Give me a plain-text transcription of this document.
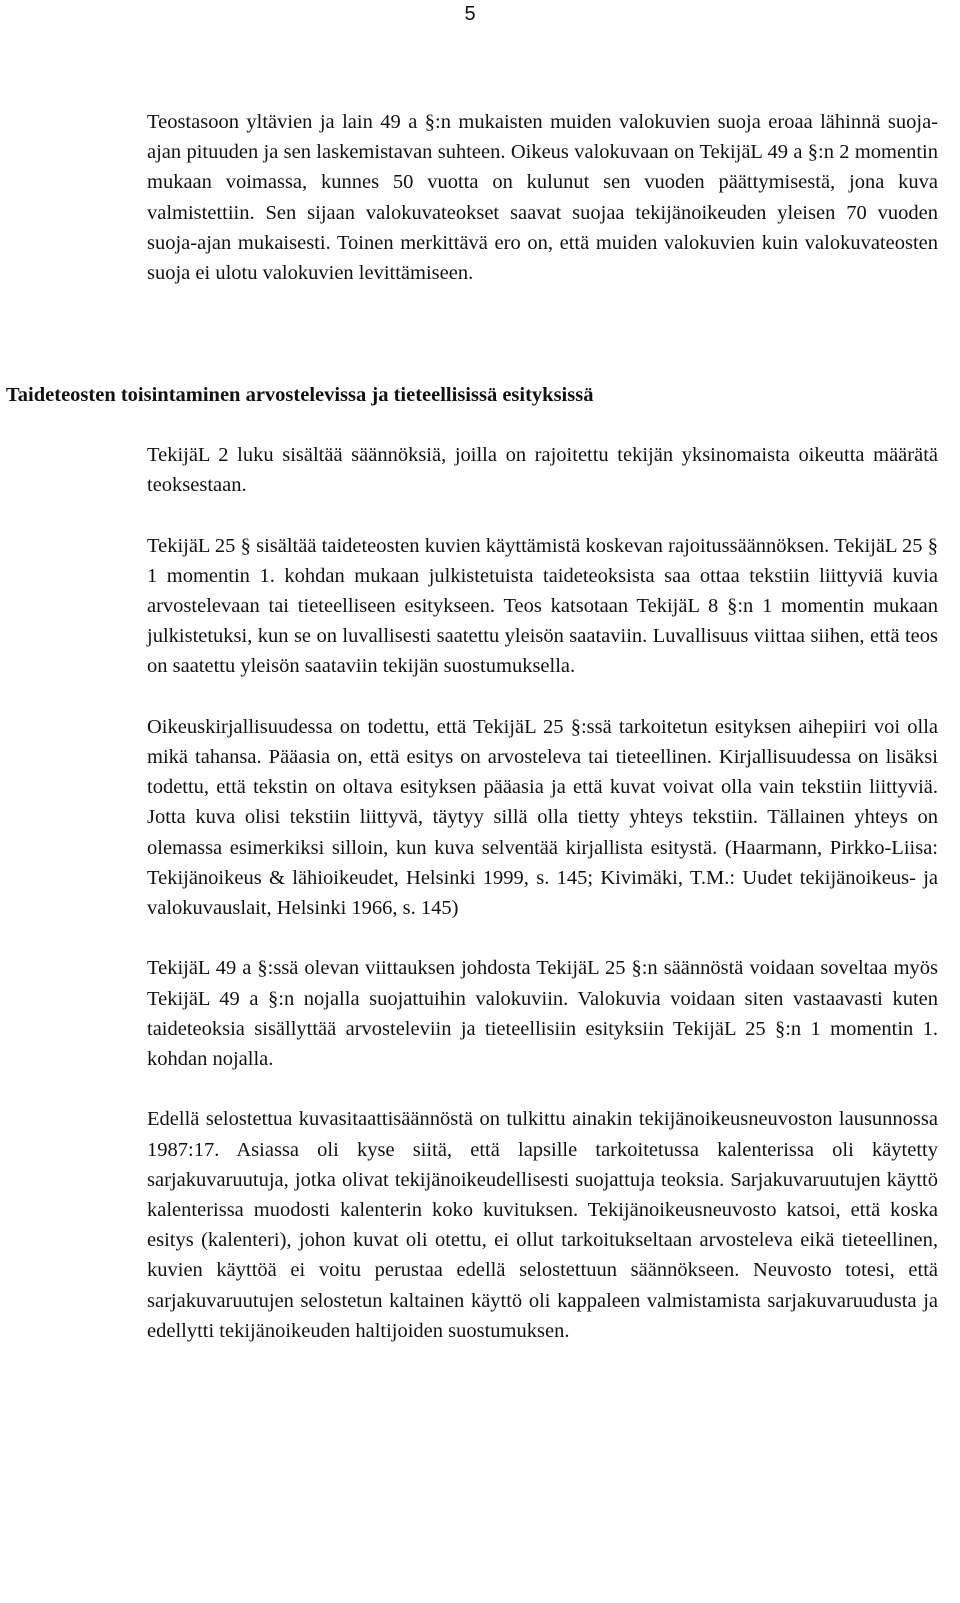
5

Teostasoon yltävien ja lain 49 a §:n mukaisten muiden valokuvien suoja eroaa lähinnä suoja-ajan pituuden ja sen laskemistavan suhteen. Oikeus valokuvaan on TekijäL 49 a §:n 2 momentin mukaan voimassa, kunnes 50 vuotta on kulunut sen vuoden päättymisestä, jona kuva valmistettiin. Sen sijaan valokuvateokset saavat suojaa tekijänoikeuden yleisen 70 vuoden suoja-ajan mukaisesti. Toinen merkittävä ero on, että muiden valokuvien kuin valokuvateosten suoja ei ulotu valokuvien levittämiseen.

Taideteosten toisintaminen arvostelevissa ja tieteellisissä esityksissä

TekijäL 2 luku sisältää säännöksiä, joilla on rajoitettu tekijän yksinomaista oikeutta määrätä teoksestaan.

TekijäL 25 § sisältää taideteosten kuvien käyttämistä koskevan rajoitussäännöksen. TekijäL 25 § 1 momentin 1. kohdan mukaan julkistetuista taideteoksista saa ottaa tekstiin liittyviä kuvia arvostelevaan tai tieteelliseen esitykseen. Teos katsotaan TekijäL 8 §:n 1 momentin mukaan julkistetuksi, kun se on luvallisesti saatettu yleisön saataviin. Luvallisuus viittaa siihen, että teos on saatettu yleisön saataviin tekijän suostumuksella.

Oikeuskirjallisuudessa on todettu, että TekijäL 25 §:ssä tarkoitetun esityksen aihepiiri voi olla mikä tahansa. Pääasia on, että esitys on arvosteleva tai tieteellinen. Kirjallisuudessa on lisäksi todettu, että tekstin on oltava esityksen pääasia ja että kuvat voivat olla vain tekstiin liittyviä. Jotta kuva olisi tekstiin liittyvä, täytyy sillä olla tietty yhteys tekstiin. Tällainen yhteys on olemassa esimerkiksi silloin, kun kuva selventää kirjallista esitystä. (Haarmann, Pirkko-Liisa: Tekijänoikeus & lähioikeudet, Helsinki 1999, s. 145; Kivimäki, T.M.: Uudet tekijänoikeus- ja valokuvauslait, Helsinki 1966, s. 145)

TekijäL 49 a §:ssä olevan viittauksen johdosta TekijäL 25 §:n säännöstä voidaan soveltaa myös TekijäL 49 a §:n nojalla suojattuihin valokuviin. Valokuvia voidaan siten vastaavasti kuten taideteoksia sisällyttää arvosteleviin ja tieteellisiin esityksiin TekijäL 25 §:n 1 momentin 1. kohdan nojalla.

Edellä selostettua kuvasitaattisäännöstä on tulkittu ainakin tekijänoikeusneuvoston lausunnossa 1987:17. Asiassa oli kyse siitä, että lapsille tarkoitetussa kalenterissa oli käytetty sarjakuvaruutuja, jotka olivat tekijänoikeudellisesti suojattuja teoksia. Sarjakuvaruutujen käyttö kalenterissa muodosti kalenterin koko kuvituksen. Tekijänoikeusneuvosto katsoi, että koska esitys (kalenteri), johon kuvat oli otettu, ei ollut tarkoitukseltaan arvosteleva eikä tieteellinen, kuvien käyttöä ei voitu perustaa edellä selostettuun säännökseen. Neuvosto totesi, että sarjakuvaruutujen selostetun kaltainen käyttö oli kappaleen valmistamista sarjakuvaruudusta ja edellytti tekijänoikeuden haltijoiden suostumuksen.
